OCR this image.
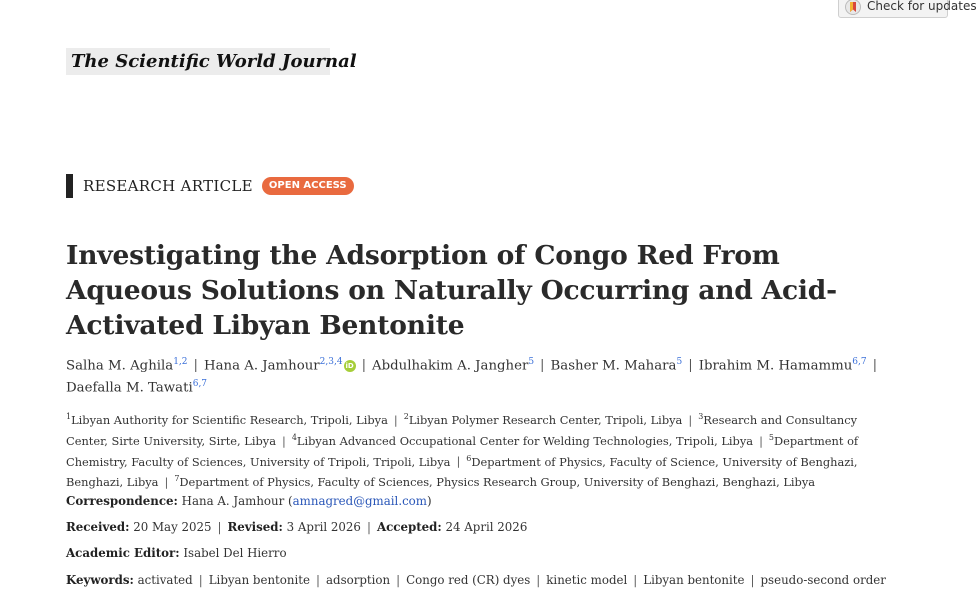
The Scientific World Journal
Check for updates
RESEARCH ARTICLE	OPEN ACCESS
Investigating the Adsorption of Congo Red From Aqueous Solutions on Naturally Occurring and Acid-Activated Libyan Bentonite
Salha M. Aghila$^{1,2}$ | Hana A. Jamhour$^{2,3,4}$ iD | Abdulhakim A. Jangher$^5$ | Basher M. Mahara$^5$ | Ibrahim M. Hamammu$^{6,7}$ |
Daefalla M. Tawati$^{6,7}$
$^1$Libyan Authority for Scientific Research, Tripoli, Libya | $^2$Libyan Polymer Research Center, Tripoli, Libya | $^3$Research and Consultancy Center, Sirte University, Sirte, Libya | $^4$Libyan Advanced Occupational Center for Welding Technologies, Tripoli, Libya | $^5$Department of Chemistry, Faculty of Sciences, University of Tripoli, Tripoli, Libya | $^6$Department of Physics, Faculty of Science, University of Benghazi, Benghazi, Libya | $^7$Department of Physics, Faculty of Sciences, Physics Research Group, University of Benghazi, Benghazi, Libya
Correspondence: Hana A. Jamhour (amnagred@gmail.com)
Received: 20 May 2025 | Revised: 3 April 2026 | Accepted: 24 April 2026
Academic Editor: Isabel Del Hierro
Keywords: activated | Libyan bentonite | adsorption | Congo red (CR) dyes | kinetic model | Libyan bentonite | pseudo-second order
